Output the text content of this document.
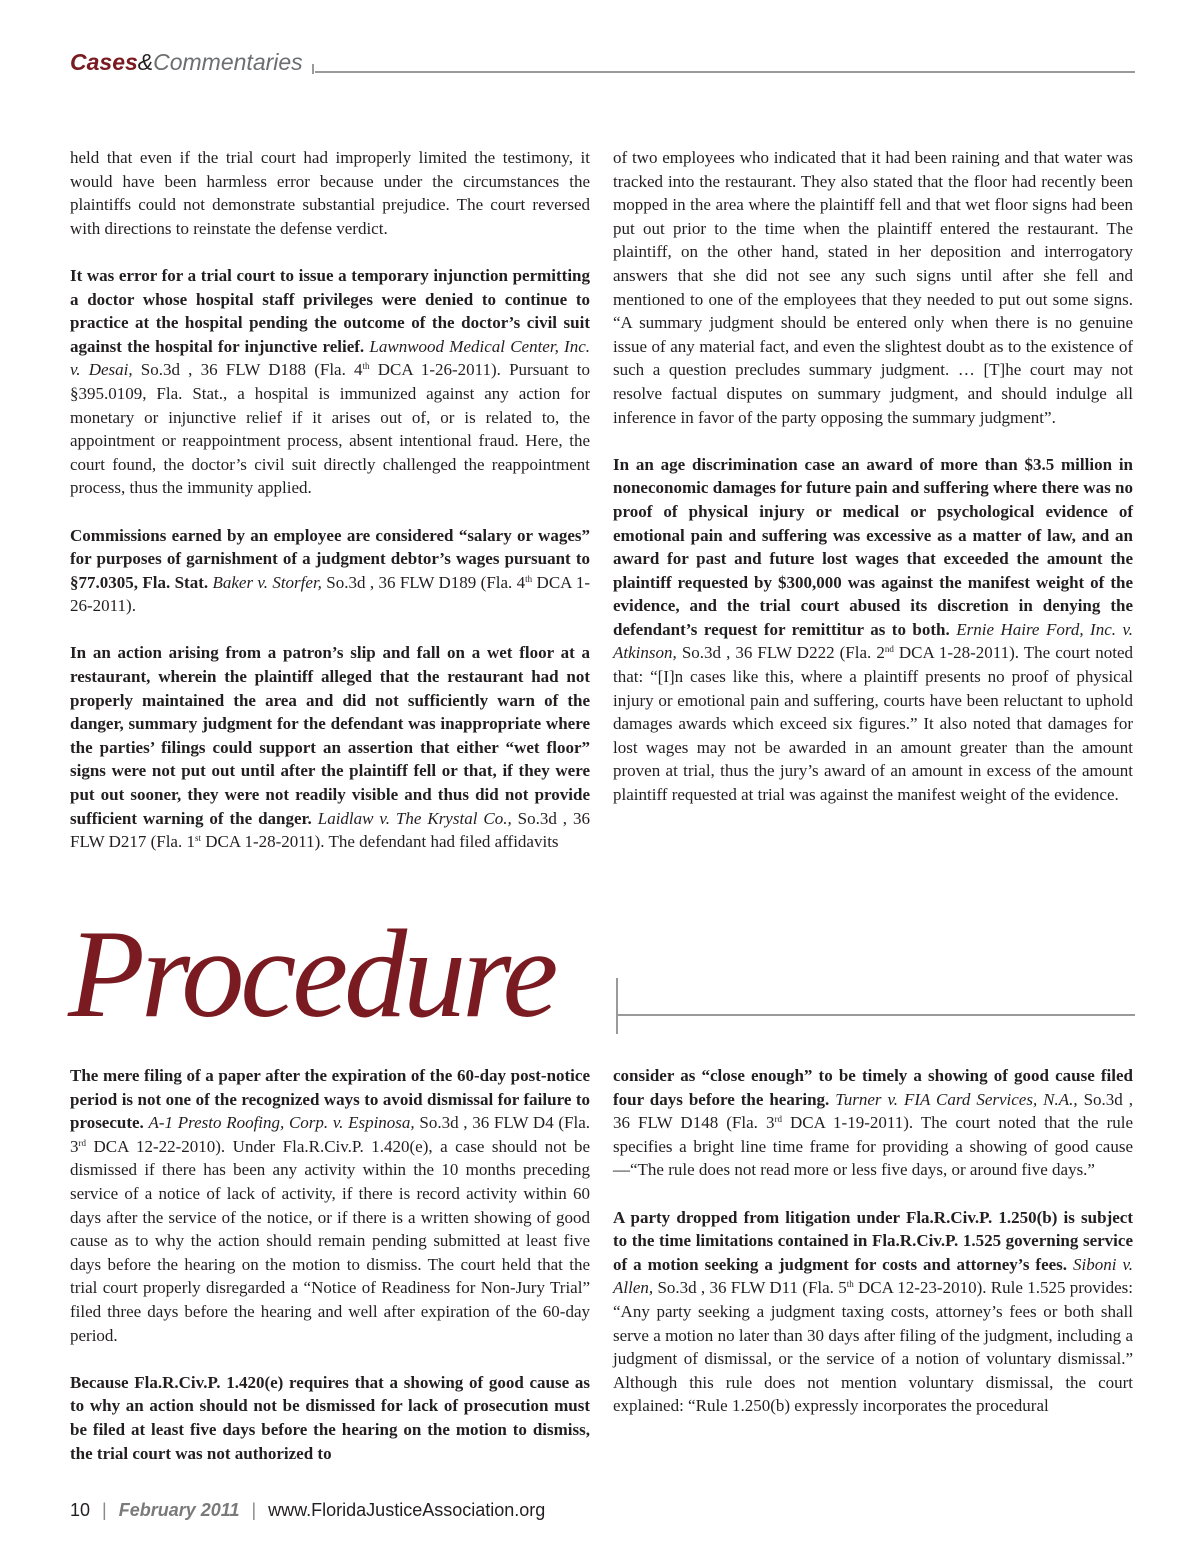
Cases&Commentaries

held that even if the trial court had improperly limited the testimony, it would have been harmless error because under the circumstances the plaintiffs could not demonstrate substantial prejudice. The court reversed with directions to reinstate the defense verdict.

It was error for a trial court to issue a temporary injunction permitting a doctor whose hospital staff privileges were denied to continue to practice at the hospital pending the outcome of the doctor’s civil suit against the hospital for injunctive relief. Lawnwood Medical Center, Inc. v. Desai, So.3d , 36 FLW D188 (Fla. 4th DCA 1-26-2011). Pursuant to §395.0109, Fla. Stat., a hospital is immunized against any action for monetary or injunctive relief if it arises out of, or is related to, the appointment or reappointment process, absent intentional fraud. Here, the court found, the doctor’s civil suit directly challenged the reappointment process, thus the immunity applied.

Commissions earned by an employee are considered “salary or wages” for purposes of garnishment of a judgment debtor’s wages pursuant to §77.0305, Fla. Stat. Baker v. Storfer, So.3d , 36 FLW D189 (Fla. 4th DCA 1-26-2011).

In an action arising from a patron’s slip and fall on a wet floor at a restaurant, wherein the plaintiff alleged that the restaurant had not properly maintained the area and did not sufficiently warn of the danger, summary judgment for the defendant was inappropriate where the parties’ filings could support an assertion that either “wet floor” signs were not put out until after the plaintiff fell or that, if they were put out sooner, they were not readily visible and thus did not provide sufficient warning of the danger. Laidlaw v. The Krystal Co., So.3d , 36 FLW D217 (Fla. 1st DCA 1-28-2011). The defendant had filed affidavits

of two employees who indicated that it had been raining and that water was tracked into the restaurant. They also stated that the floor had recently been mopped in the area where the plaintiff fell and that wet floor signs had been put out prior to the time when the plaintiff entered the restaurant. The plaintiff, on the other hand, stated in her deposition and interrogatory answers that she did not see any such signs until after she fell and mentioned to one of the employees that they needed to put out some signs. “A summary judgment should be entered only when there is no genuine issue of any material fact, and even the slightest doubt as to the existence of such a question precludes summary judgment. … [T]he court may not resolve factual disputes on summary judgment, and should indulge all inference in favor of the party opposing the summary judgment”.

In an age discrimination case an award of more than $3.5 million in noneconomic damages for future pain and suffering where there was no proof of physical injury or medical or psychological evidence of emotional pain and suffering was excessive as a matter of law, and an award for past and future lost wages that exceeded the amount the plaintiff requested by $300,000 was against the manifest weight of the evidence, and the trial court abused its discretion in denying the defendant’s request for remittitur as to both. Ernie Haire Ford, Inc. v. Atkinson, So.3d , 36 FLW D222 (Fla. 2nd DCA 1-28-2011). The court noted that: “[I]n cases like this, where a plaintiff presents no proof of physical injury or emotional pain and suffering, courts have been reluctant to uphold damages awards which exceed six figures.” It also noted that damages for lost wages may not be awarded in an amount greater than the amount proven at trial, thus the jury’s award of an amount in excess of the amount plaintiff requested at trial was against the manifest weight of the evidence.

Procedure

The mere filing of a paper after the expiration of the 60-day post-notice period is not one of the recognized ways to avoid dismissal for failure to prosecute. A-1 Presto Roofing, Corp. v. Espinosa, So.3d , 36 FLW D4 (Fla. 3rd DCA 12-22-2010). Under Fla.R.Civ.P. 1.420(e), a case should not be dismissed if there has been any activity within the 10 months preceding service of a notice of lack of activity, if there is record activity within 60 days after the service of the notice, or if there is a written showing of good cause as to why the action should remain pending submitted at least five days before the hearing on the motion to dismiss. The court held that the trial court properly disregarded a “Notice of Readiness for Non-Jury Trial” filed three days before the hearing and well after expiration of the 60-day period.

Because Fla.R.Civ.P. 1.420(e) requires that a showing of good cause as to why an action should not be dismissed for lack of prosecution must be filed at least five days before the hearing on the motion to dismiss, the trial court was not authorized to

consider as “close enough” to be timely a showing of good cause filed four days before the hearing. Turner v. FIA Card Services, N.A., So.3d , 36 FLW D148 (Fla. 3rd DCA 1-19-2011). The court noted that the rule specifies a bright line time frame for providing a showing of good cause—“The rule does not read more or less five days, or around five days.”

A party dropped from litigation under Fla.R.Civ.P. 1.250(b) is subject to the time limitations contained in Fla.R.Civ.P. 1.525 governing service of a motion seeking a judgment for costs and attorney’s fees. Siboni v. Allen, So.3d , 36 FLW D11 (Fla. 5th DCA 12-23-2010). Rule 1.525 provides: “Any party seeking a judgment taxing costs, attorney’s fees or both shall serve a motion no later than 30 days after filing of the judgment, including a judgment of dismissal, or the service of a notion of voluntary dismissal.” Although this rule does not mention voluntary dismissal, the court explained: “Rule 1.250(b) expressly incorporates the procedural

10 | February 2011 | www.FloridaJusticeAssociation.org
